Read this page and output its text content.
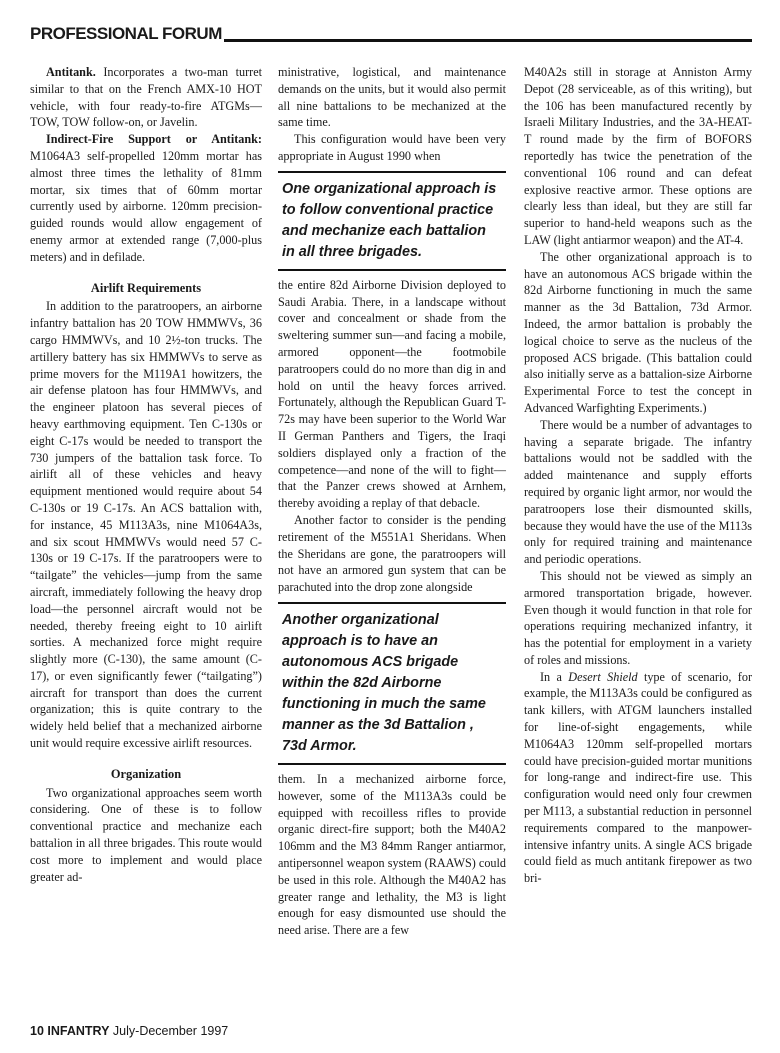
PROFESSIONAL FORUM

Antitank. Incorporates a two-man turret similar to that on the French AMX-10 HOT vehicle, with four ready-to-fire ATGMs—TOW, TOW follow-on, or Javelin.

Indirect-Fire Support or Antitank: M1064A3 self-propelled 120mm mortar has almost three times the lethality of 81mm mortar, six times that of 60mm mortar currently used by airborne. 120mm precision-guided rounds would allow engagement of enemy armor at extended range (7,000-plus meters) and in defilade.

Airlift Requirements

In addition to the paratroopers, an airborne infantry battalion has 20 TOW HMMWVs, 36 cargo HMMWVs, and 10 2½-ton trucks. The artillery battery has six HMMWVs to serve as prime movers for the M119A1 howitzers, the air defense platoon has four HMMWVs, and the engineer platoon has several pieces of heavy earthmoving equipment. Ten C-130s or eight C-17s would be needed to transport the 730 jumpers of the battalion task force. To airlift all of these vehicles and heavy equipment mentioned would require about 54 C-130s or 19 C-17s. An ACS battalion with, for instance, 45 M113A3s, nine M1064A3s, and six scout HMMWVs would need 57 C-130s or 19 C-17s. If the paratroopers were to “tailgate” the vehicles—jump from the same aircraft, immediately following the heavy drop load—the personnel aircraft would not be needed, thereby freeing eight to 10 airlift sorties. A mechanized force might require slightly more (C-130), the same amount (C-17), or even significantly fewer (“tailgating”) aircraft for transport than does the current organization; this is quite contrary to the widely held belief that a mechanized airborne unit would require excessive airlift resources.

Organization

Two organizational approaches seem worth considering. One of these is to follow conventional practice and mechanize each battalion in all three brigades. This route would cost more to implement and would place greater ad-

ministrative, logistical, and maintenance demands on the units, but it would also permit all nine battalions to be mechanized at the same time.

This configuration would have been very appropriate in August 1990 when

One organizational approach is to follow conventional practice and mechanize each battalion in all three brigades.

the entire 82d Airborne Division deployed to Saudi Arabia. There, in a landscape without cover and concealment or shade from the sweltering summer sun—and facing a mobile, armored opponent—the footmobile paratroopers could do no more than dig in and hold on until the heavy forces arrived. Fortunately, although the Republican Guard T-72s may have been superior to the World War II German Panthers and Tigers, the Iraqi soldiers displayed only a fraction of the competence—and none of the will to fight—that the Panzer crews showed at Arnhem, thereby avoiding a replay of that debacle.

Another factor to consider is the pending retirement of the M551A1 Sheridans. When the Sheridans are gone, the paratroopers will not have an armored gun system that can be parachuted into the drop zone alongside

Another organizational approach is to have an autonomous ACS brigade within the 82d Airborne functioning in much the same manner as the 3d Battalion , 73d Armor.

them. In a mechanized airborne force, however, some of the M113A3s could be equipped with recoilless rifles to provide organic direct-fire support; both the M40A2 106mm and the M3 84mm Ranger antiarmor, antipersonnel weapon system (RAAWS) could be used in this role. Although the M40A2 has greater range and lethality, the M3 is light enough for easy dismounted use should the need arise. There are a few

M40A2s still in storage at Anniston Army Depot (28 serviceable, as of this writing), but the 106 has been manufactured recently by Israeli Military Industries, and the 3A-HEAT-T round made by the firm of BOFORS reportedly has twice the penetration of the conventional 106 round and can defeat explosive reactive armor. These options are clearly less than ideal, but they are still far superior to hand-held weapons such as the LAW (light antiarmor weapon) and the AT-4.

The other organizational approach is to have an autonomous ACS brigade within the 82d Airborne functioning in much the same manner as the 3d Battalion, 73d Armor. Indeed, the armor battalion is probably the logical choice to serve as the nucleus of the proposed ACS brigade. (This battalion could also initially serve as a battalion-size Airborne Experimental Force to test the concept in Advanced Warfighting Experiments.)

There would be a number of advantages to having a separate brigade. The infantry battalions would not be saddled with the added maintenance and supply efforts required by organic light armor, nor would the paratroopers lose their dismounted skills, because they would have the use of the M113s only for required training and maintenance and periodic operations.

This should not be viewed as simply an armored transportation brigade, however. Even though it would function in that role for operations requiring mechanized infantry, it has the potential for employment in a variety of roles and missions.

In a Desert Shield type of scenario, for example, the M113A3s could be configured as tank killers, with ATGM launchers installed for line-of-sight engagements, while M1064A3 120mm self-propelled mortars could have precision-guided mortar munitions for long-range and indirect-fire use. This configuration would need only four crewmen per M113, a substantial reduction in personnel requirements compared to the manpower-intensive infantry units. A single ACS brigade could field as much antitank firepower as two bri-

10 INFANTRY July-December 1997
